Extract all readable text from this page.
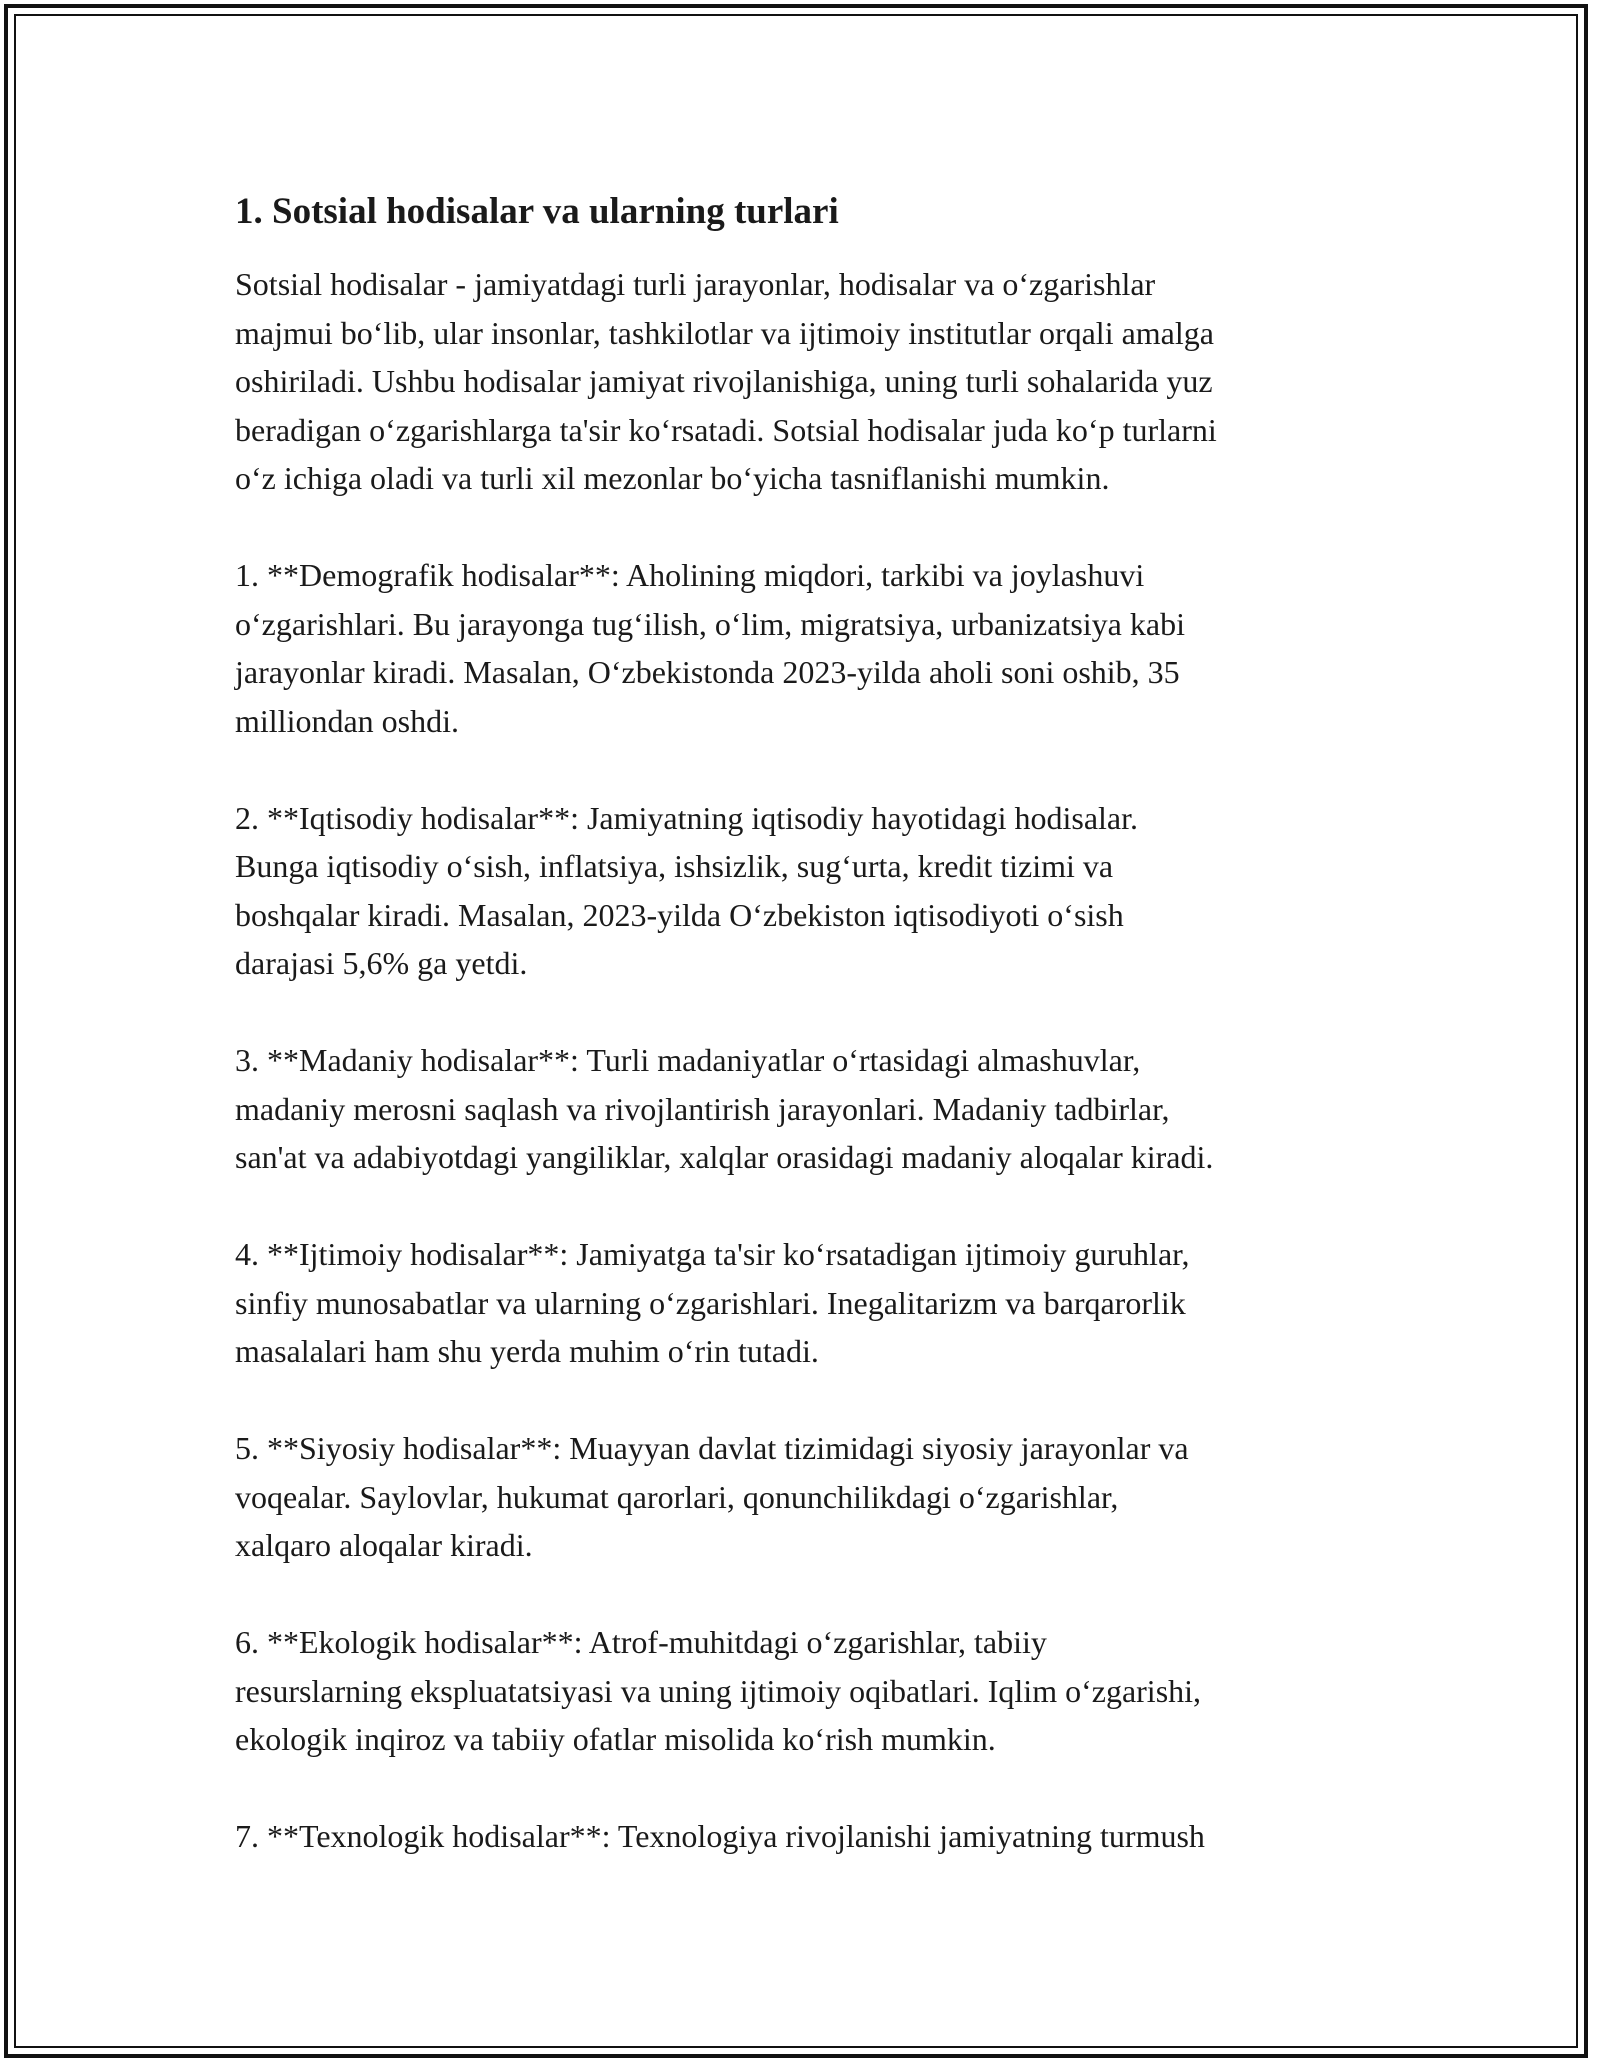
1. Sotsial hodisalar va ularning turlari

Sotsial hodisalar - jamiyatdagi turli jarayonlar, hodisalar va o‘zgarishlar
majmui bo‘lib, ular insonlar, tashkilotlar va ijtimoiy institutlar orqali amalga
oshiriladi. Ushbu hodisalar jamiyat rivojlanishiga, uning turli sohalarida yuz
beradigan o‘zgarishlarga ta'sir ko‘rsatadi. Sotsial hodisalar juda ko‘p turlarni
o‘z ichiga oladi va turli xil mezonlar bo‘yicha tasniflanishi mumkin.

1. **Demografik hodisalar**: Aholining miqdori, tarkibi va joylashuvi
o‘zgarishlari. Bu jarayonga tug‘ilish, o‘lim, migratsiya, urbanizatsiya kabi
jarayonlar kiradi. Masalan, O‘zbekistonda 2023-yilda aholi soni oshib, 35
milliondan oshdi.

2. **Iqtisodiy hodisalar**: Jamiyatning iqtisodiy hayotidagi hodisalar.
Bunga iqtisodiy o‘sish, inflatsiya, ishsizlik, sug‘urta, kredit tizimi va
boshqalar kiradi. Masalan, 2023-yilda O‘zbekiston iqtisodiyoti o‘sish
darajasi 5,6% ga yetdi.

3. **Madaniy hodisalar**: Turli madaniyatlar o‘rtasidagi almashuvlar,
madaniy merosni saqlash va rivojlantirish jarayonlari. Madaniy tadbirlar,
san'at va adabiyotdagi yangiliklar, xalqlar orasidagi madaniy aloqalar kiradi.

4. **Ijtimoiy hodisalar**: Jamiyatga ta'sir ko‘rsatadigan ijtimoiy guruhlar,
sinfiy munosabatlar va ularning o‘zgarishlari. Inegalitarizm va barqarorlik
masalalari ham shu yerda muhim o‘rin tutadi.

5. **Siyosiy hodisalar**: Muayyan davlat tizimidagi siyosiy jarayonlar va
voqealar. Saylovlar, hukumat qarorlari, qonunchilikdagi o‘zgarishlar,
xalqaro aloqalar kiradi.

6. **Ekologik hodisalar**: Atrof-muhitdagi o‘zgarishlar, tabiiy
resurslarning ekspluatatsiyasi va uning ijtimoiy oqibatlari. Iqlim o‘zgarishi,
ekologik inqiroz va tabiiy ofatlar misolida ko‘rish mumkin.

7. **Texnologik hodisalar**: Texnologiya rivojlanishi jamiyatning turmush
